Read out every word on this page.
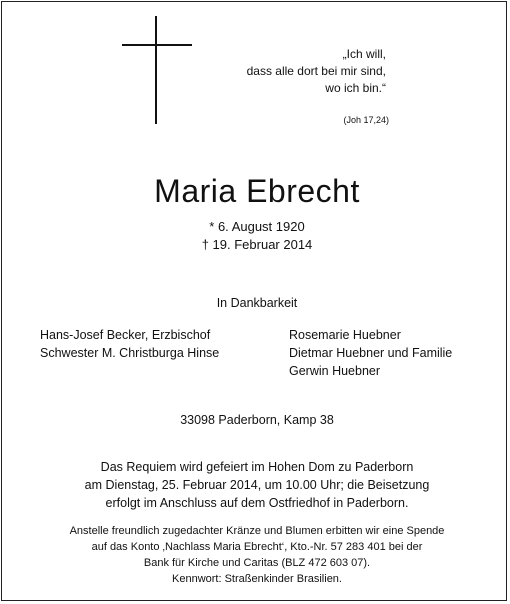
„Ich will,
dass alle dort bei mir sind,
wo ich bin.“
(Joh 17,24)
Maria Ebrecht
* 6. August 1920
† 19. Februar 2014
In Dankbarkeit
Hans-Josef Becker, Erzbischof
Schwester M. Christburga Hinse
Rosemarie Huebner
Dietmar Huebner und Familie
Gerwin Huebner
33098 Paderborn, Kamp 38
Das Requiem wird gefeiert im Hohen Dom zu Paderborn
am Dienstag, 25. Februar 2014, um 10.00 Uhr; die Beisetzung
erfolgt im Anschluss auf dem Ostfriedhof in Paderborn.
Anstelle freundlich zugedachter Kränze und Blumen erbitten wir eine Spende
auf das Konto ‚Nachlass Maria Ebrecht‘, Kto.-Nr. 57 283 401 bei der
Bank für Kirche und Caritas (BLZ 472 603 07).
Kennwort: Straßenkinder Brasilien.
